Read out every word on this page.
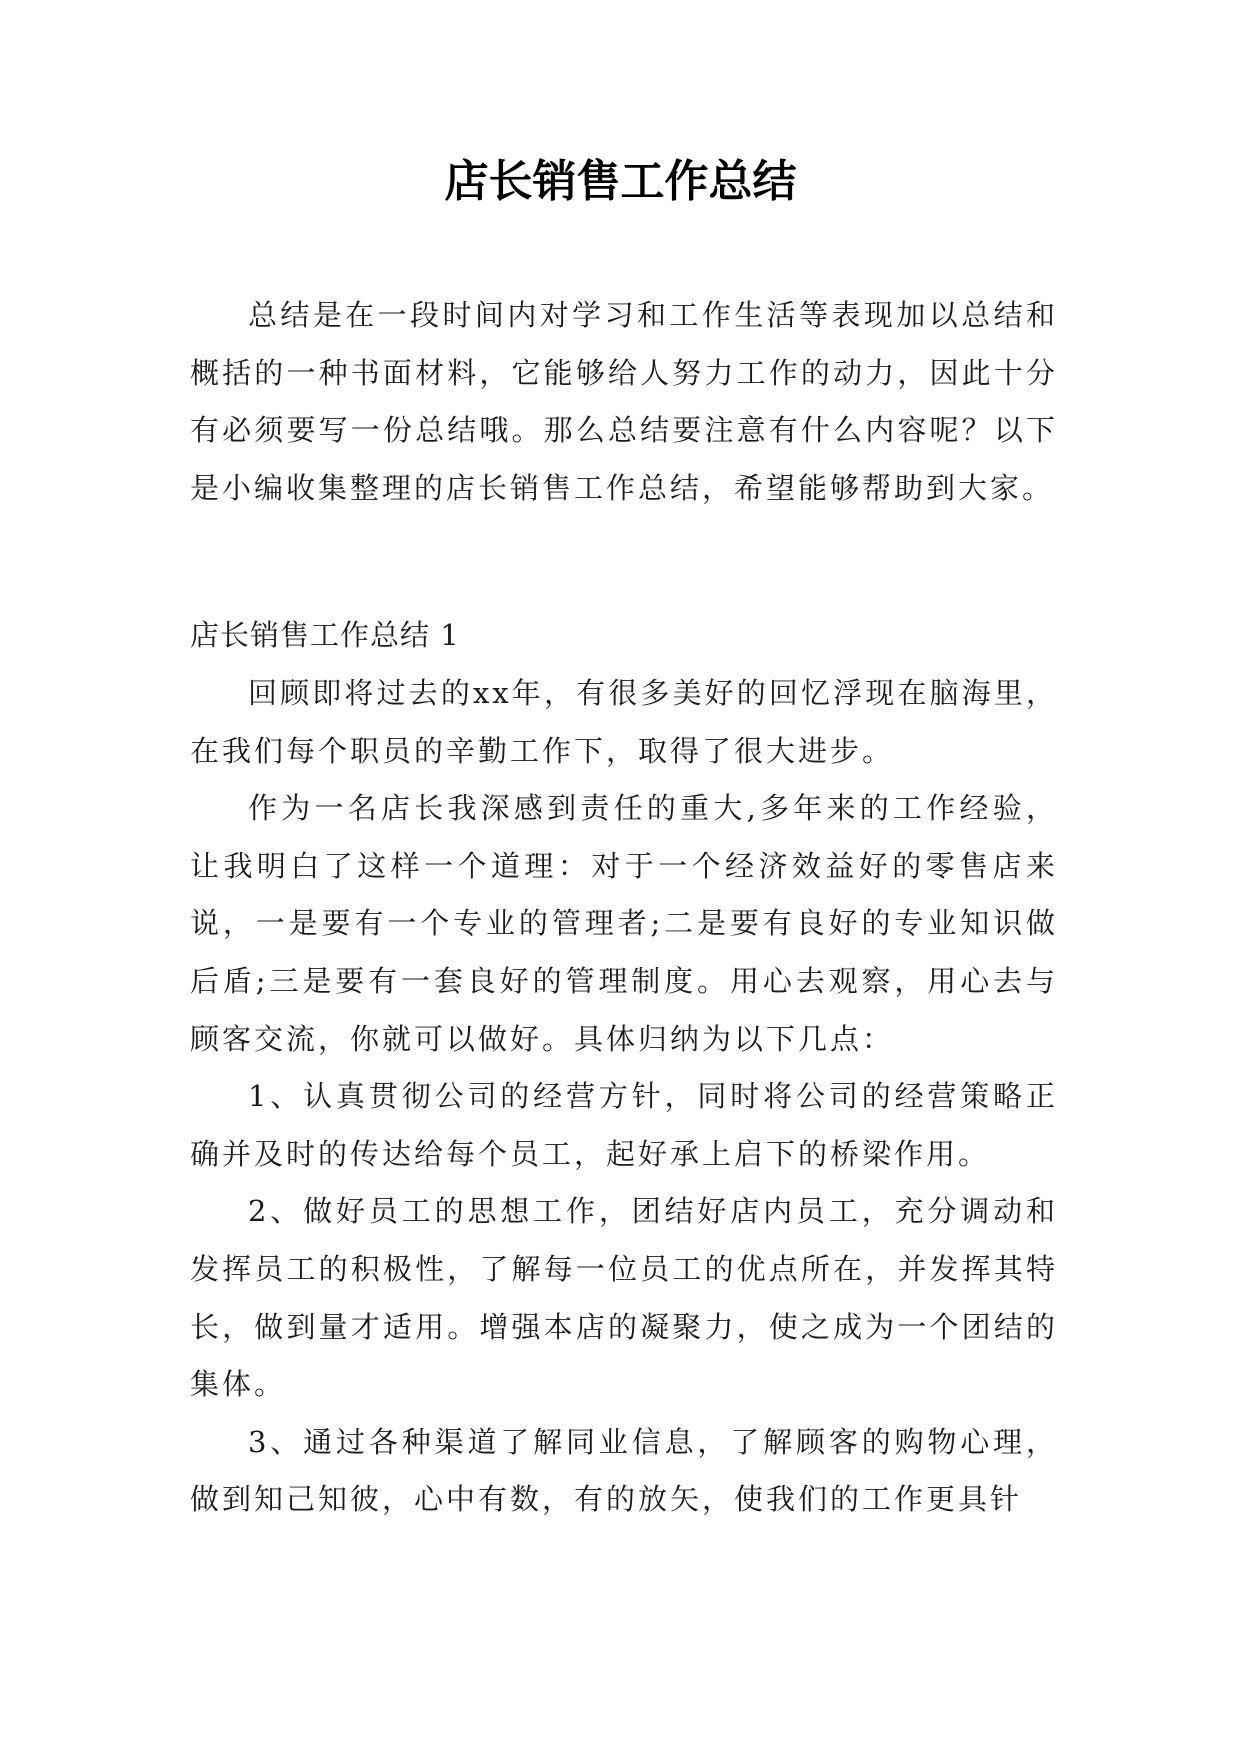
店长销售工作总结

总结是在一段时间内对学习和工作生活等表现加以总结和概括的一种书面材料，它能够给人努力工作的动力，因此十分有必须要写一份总结哦。那么总结要注意有什么内容呢？以下是小编收集整理的店长销售工作总结，希望能够帮助到大家。

店长销售工作总结 1

回顾即将过去的xx年，有很多美好的回忆浮现在脑海里，在我们每个职员的辛勤工作下，取得了很大进步。

作为一名店长我深感到责任的重大,多年来的工作经验，让我明白了这样一个道理：对于一个经济效益好的零售店来说，一是要有一个专业的管理者;二是要有良好的专业知识做后盾;三是要有一套良好的管理制度。用心去观察，用心去与顾客交流，你就可以做好。具体归纳为以下几点：

1、认真贯彻公司的经营方针，同时将公司的经营策略正确并及时的传达给每个员工，起好承上启下的桥梁作用。

2、做好员工的思想工作，团结好店内员工，充分调动和发挥员工的积极性，了解每一位员工的优点所在，并发挥其特长，做到量才适用。增强本店的凝聚力，使之成为一个团结的集体。

3、通过各种渠道了解同业信息，了解顾客的购物心理，做到知己知彼，心中有数，有的放矢，使我们的工作更具针
